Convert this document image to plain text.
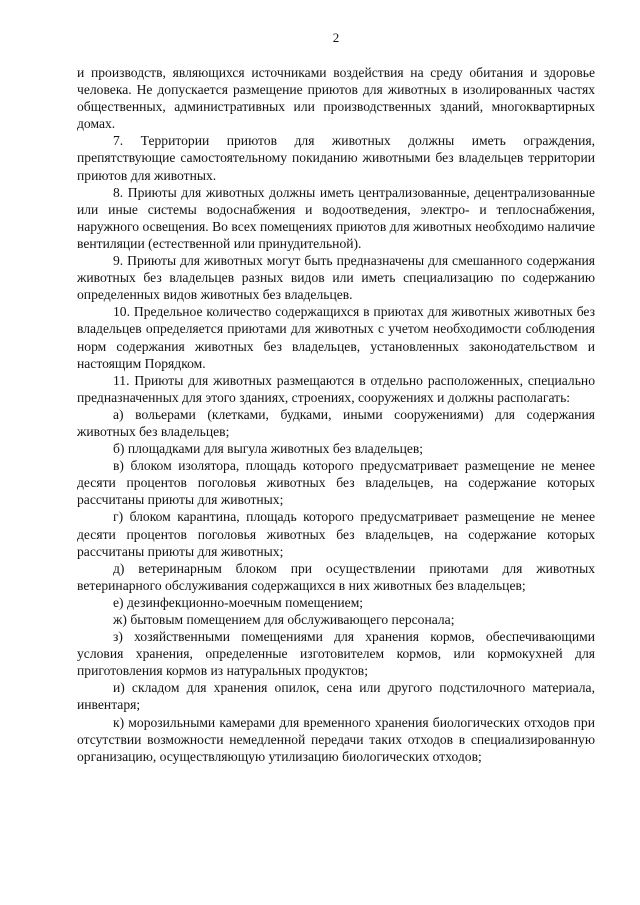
2

и производств, являющихся источниками воздействия на среду обитания и здоровье человека. Не допускается размещение приютов для животных в изолированных частях общественных, административных или производственных зданий, многоквартирных домах.

7. Территории приютов для животных должны иметь ограждения, препятствующие самостоятельному покиданию животными без владельцев территории приютов для животных.

8. Приюты для животных должны иметь централизованные, децентрализованные или иные системы водоснабжения и водоотведения, электро- и теплоснабжения, наружного освещения. Во всех помещениях приютов для животных необходимо наличие вентиляции (естественной или принудительной).

9. Приюты для животных могут быть предназначены для смешанного содержания животных без владельцев разных видов или иметь специализацию по содержанию определенных видов животных без владельцев.

10. Предельное количество содержащихся в приютах для животных животных без владельцев определяется приютами для животных с учетом необходимости соблюдения норм содержания животных без владельцев, установленных законодательством и настоящим Порядком.

11. Приюты для животных размещаются в отдельно расположенных, специально предназначенных для этого зданиях, строениях, сооружениях и должны располагать:

а) вольерами (клетками, будками, иными сооружениями) для содержания животных без владельцев;

б) площадками для выгула животных без владельцев;

в) блоком изолятора, площадь которого предусматривает размещение не менее десяти процентов поголовья животных без владельцев, на содержание которых рассчитаны приюты для животных;

г) блоком карантина, площадь которого предусматривает размещение не менее десяти процентов поголовья животных без владельцев, на содержание которых рассчитаны приюты для животных;

д) ветеринарным блоком при осуществлении приютами для животных ветеринарного обслуживания содержащихся в них животных без владельцев;

е) дезинфекционно-моечным помещением;

ж) бытовым помещением для обслуживающего персонала;

з) хозяйственными помещениями для хранения кормов, обеспечивающими условия хранения, определенные изготовителем кормов, или кормокухней для приготовления кормов из натуральных продуктов;

и) складом для хранения опилок, сена или другого подстилочного материала, инвентаря;

к) морозильными камерами для временного хранения биологических отходов при отсутствии возможности немедленной передачи таких отходов в специализированную организацию, осуществляющую утилизацию биологических отходов;
